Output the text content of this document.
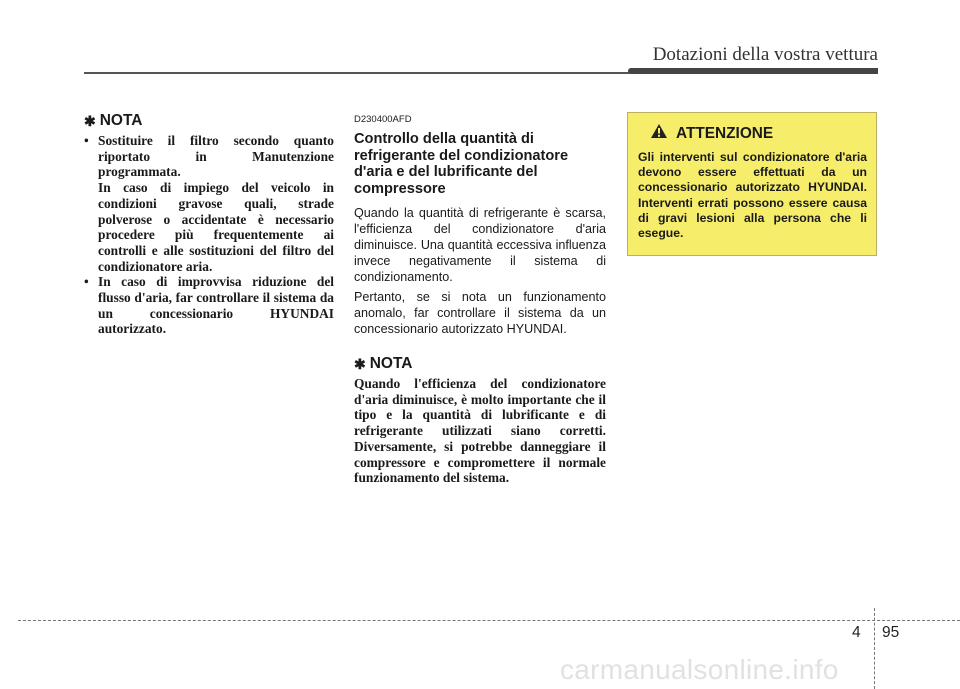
Dotazioni della vostra vettura
✱ NOTA
• Sostituire il filtro secondo quanto riportato in Manutenzione programmata.

In caso di impiego del veicolo in condizioni gravose quali, strade polverose o accidentate è necessario procedere più frequentemente ai controlli e alle sostituzioni del filtro del condizionatore aria.

• In caso di improvvisa riduzione del flusso d'aria, far controllare il sistema da un concessionario HYUNDAI autorizzato.

D230400AFD
Controllo della quantità di refrigerante del condizionatore d'aria e del lubrificante del compressore

Quando la quantità di refrigerante è scarsa, l'efficienza del condizionatore d'aria diminuisce. Una quantità eccessiva influenza invece negativamente il sistema di condizionamento.

Pertanto, se si nota un funzionamento anomalo, far controllare il sistema da un concessionario autorizzato HYUNDAI.

✱ NOTA

Quando l'efficienza del condizionatore d'aria diminuisce, è molto importante che il tipo e la quantità di lubrificante e di refrigerante utilizzati siano corretti. Diversamente, si potrebbe danneggiare il compressore e compromettere il normale funzionamento del sistema.

ATTENZIONE

Gli interventi sul condizionatore d'aria devono essere effettuati da un concessionario autorizzato HYUNDAI. Interventi errati possono essere causa di gravi lesioni alla persona che li esegue.

4 95
carmanualsonline.info
